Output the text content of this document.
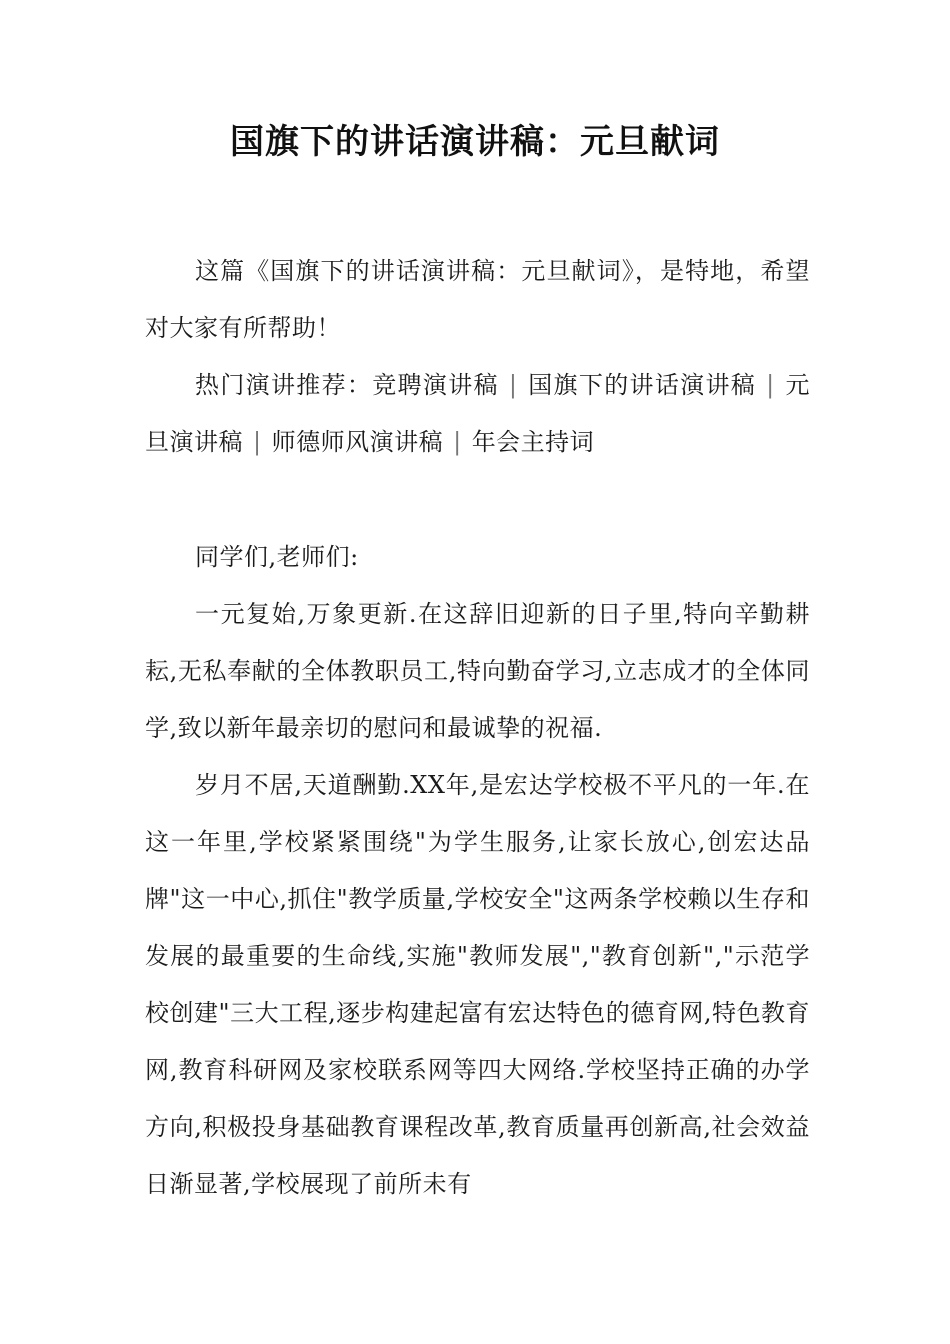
国旗下的讲话演讲稿：元旦献词

这篇《国旗下的讲话演讲稿：元旦献词》，是特地，希望对大家有所帮助！

热门演讲推荐：竞聘演讲稿 | 国旗下的讲话演讲稿 | 元旦演讲稿 | 师德师风演讲稿 | 年会主持词

同学们,老师们:

一元复始,万象更新.在这辞旧迎新的日子里,特向辛勤耕耘,无私奉献的全体教职员工,特向勤奋学习,立志成才的全体同学,致以新年最亲切的慰问和最诚挚的祝福.

岁月不居,天道酬勤.XX年,是宏达学校极不平凡的一年.在这一年里,学校紧紧围绕"为学生服务,让家长放心,创宏达品牌"这一中心,抓住"教学质量,学校安全"这两条学校赖以生存和发展的最重要的生命线,实施"教师发展","教育创新","示范学校创建"三大工程,逐步构建起富有宏达特色的德育网,特色教育网,教育科研网及家校联系网等四大网络.学校坚持正确的办学方向,积极投身基础教育课程改革,教育质量再创新高,社会效益日渐显著,学校展现了前所未有
